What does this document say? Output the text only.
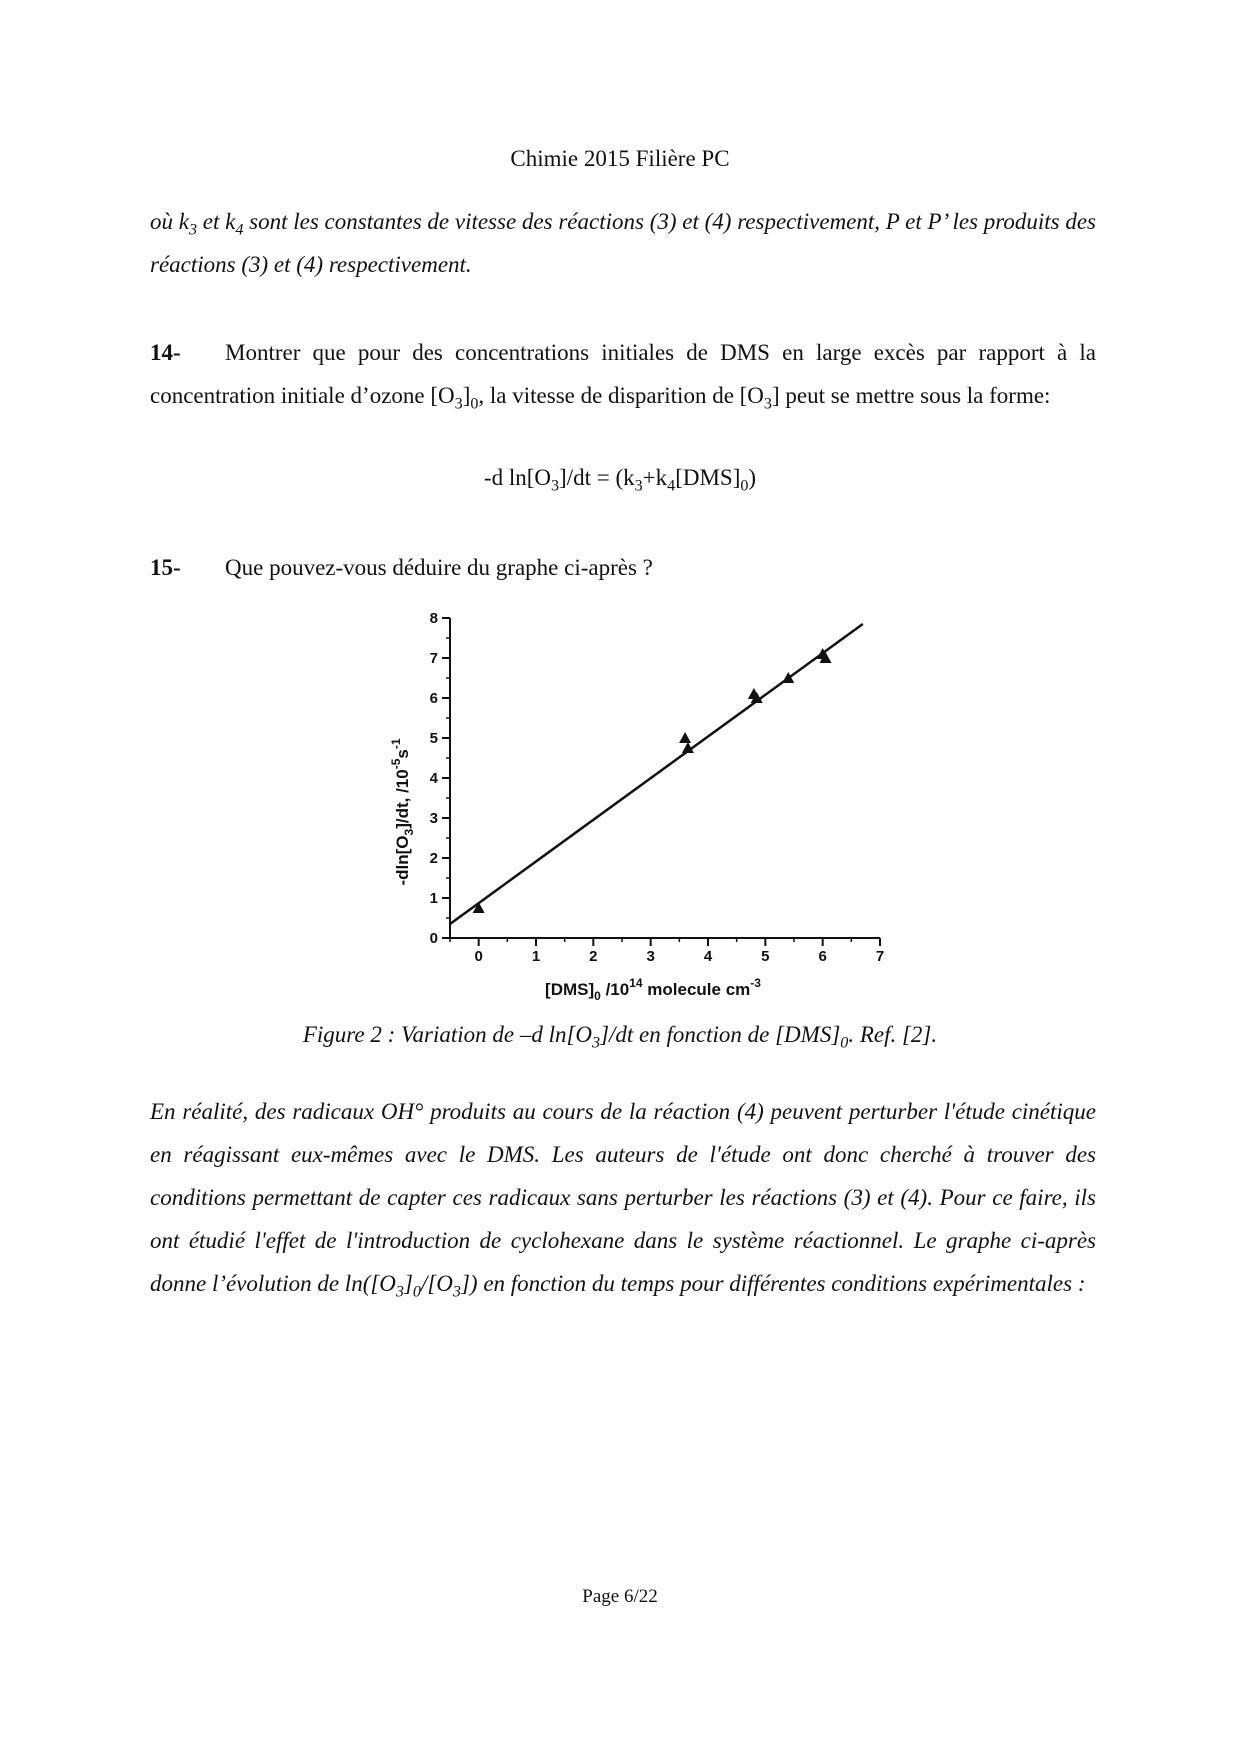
Chimie 2015 Filière PC
où $k_3$ et $k_4$ sont les constantes de vitesse des réactions (3) et (4) respectivement, P et P’ les produits des réactions (3) et (4) respectivement.
14- Montrer que pour des concentrations initiales de DMS en large excès par rapport à la concentration initiale d’ozone $[O_3]_0$, la vitesse de disparition de $[O_3]$ peut se mettre sous la forme:
-d $\ln[O_3]/dt = (k_3+k_4[DMS]_0)$
15- Que pouvez-vous déduire du graphe ci-après ?
0	1	2	3	4	5	6	7
0
1
2
3
4
5
6
7
8
$[DMS]_0$ $/10^{14}$ molecule $cm^{-3}$
$-dln[O_3]/dt$, $/10^{-5}s^{-1}$
Figure 2 : Variation de –d $\ln[O_3]/dt$ en fonction de $[DMS]_0$. Ref. [2].
En réalité, des radicaux OH° produits au cours de la réaction (4) peuvent perturber l'étude cinétique en réagissant eux-mêmes avec le DMS. Les auteurs de l'étude ont donc cherché à trouver des conditions permettant de capter ces radicaux sans perturber les réactions (3) et (4). Pour ce faire, ils ont étudié l'effet de l'introduction de cyclohexane dans le système réactionnel. Le graphe ci-après donne l’évolution de $\ln([O_3]_0/[O_3])$ en fonction du temps pour différentes conditions expérimentales :
Page 6/22
